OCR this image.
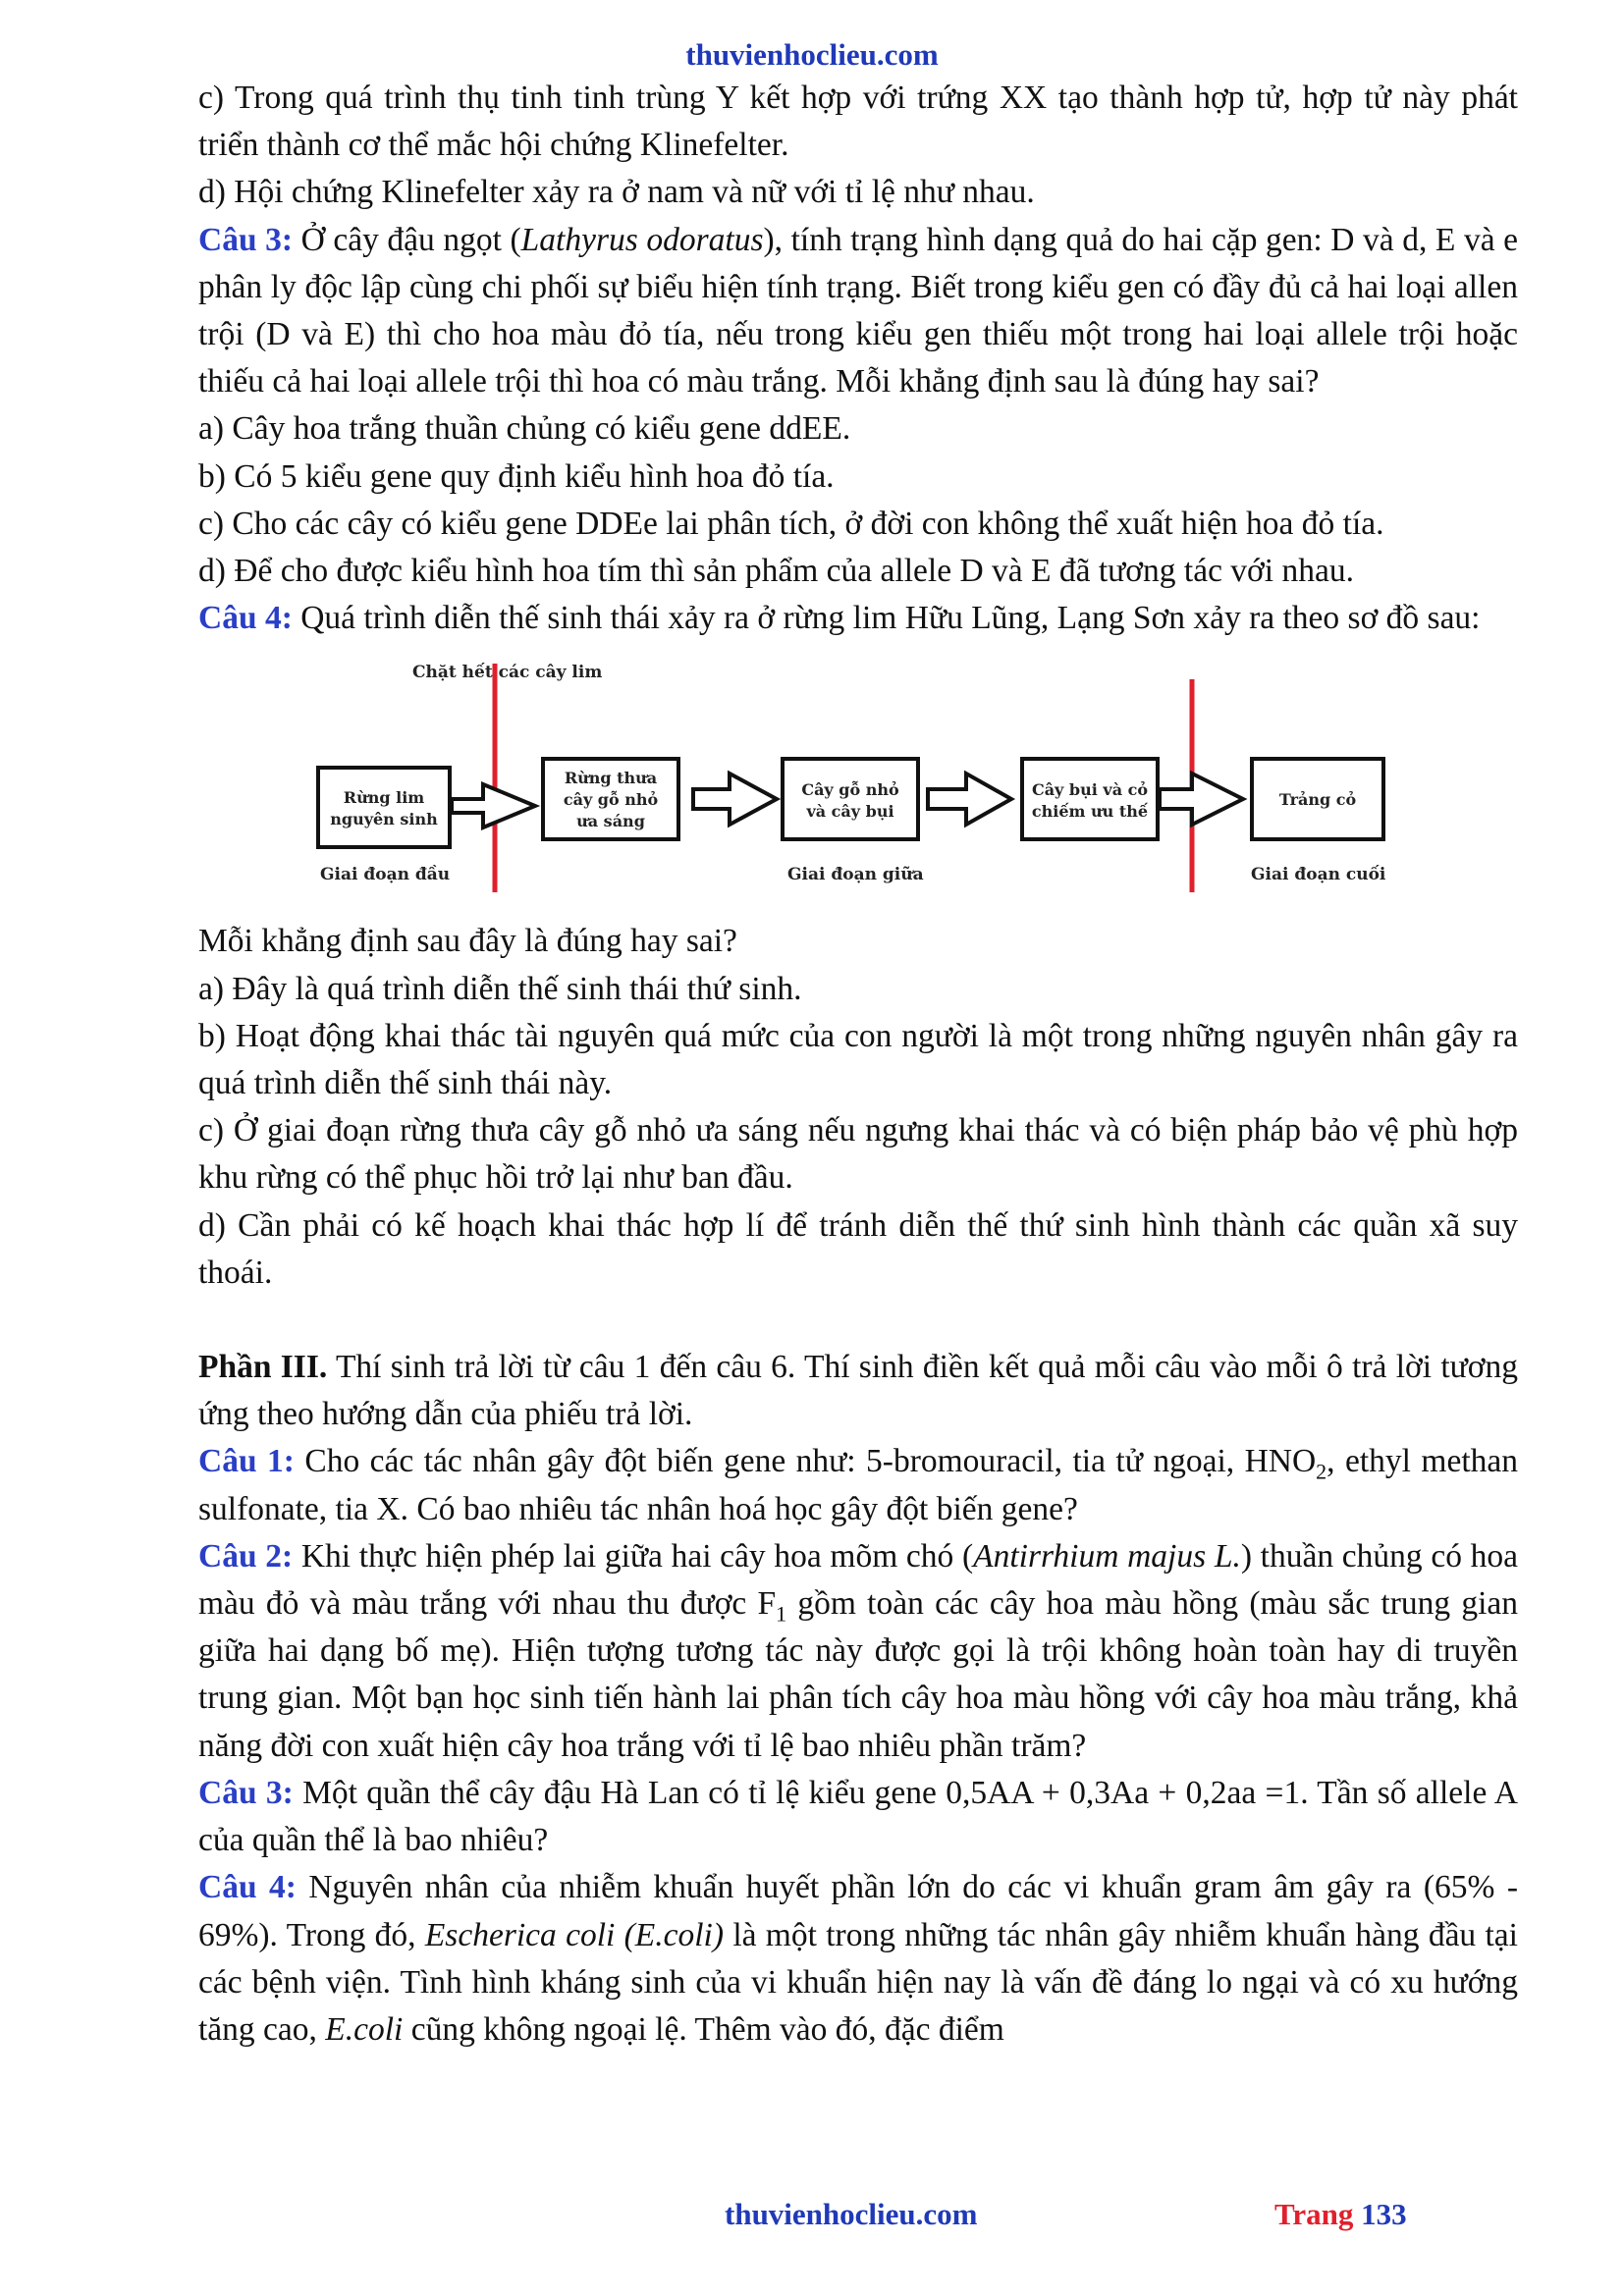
thuvienhoclieu.com

c) Trong quá trình thụ tinh tinh trùng Y kết hợp với trứng XX tạo thành hợp tử, hợp tử này phát triển thành cơ thể mắc hội chứng Klinefelter.

d) Hội chứng Klinefelter xảy ra ở nam và nữ với tỉ lệ như nhau.

Câu 3: Ở cây đậu ngọt (Lathyrus odoratus), tính trạng hình dạng quả do hai cặp gen: D và d, E và e phân ly độc lập cùng chi phối sự biểu hiện tính trạng. Biết trong kiểu gen có đầy đủ cả hai loại allen trội (D và E) thì cho hoa màu đỏ tía, nếu trong kiểu gen thiếu một trong hai loại allele trội hoặc thiếu cả hai loại allele trội thì hoa có màu trắng. Mỗi khẳng định sau là đúng hay sai?

a) Cây hoa trắng thuần chủng có kiểu gene ddEE.

b) Có 5 kiểu gene quy định kiểu hình hoa đỏ tía.

c) Cho các cây có kiểu gene DDEe lai phân tích, ở đời con không thể xuất hiện hoa đỏ tía.

d) Để cho được kiểu hình hoa tím thì sản phẩm của allele D và E đã tương tác với nhau.

Câu 4: Quá trình diễn thế sinh thái xảy ra ở rừng lim Hữu Lũng, Lạng Sơn xảy ra theo sơ đồ sau:

Chặt hết các cây lim
Rừng lim
nguyên sinh
Rừng thưa
cây gỗ nhỏ
ưa sáng
Cây gỗ nhỏ
và cây bụi
Cây bụi và cỏ
chiếm ưu thế
Trảng cỏ
Giai đoạn đầu	Giai đoạn giữa	Giai đoạn cuối

Mỗi khẳng định sau đây là đúng hay sai?

a) Đây là quá trình diễn thế sinh thái thứ sinh.

b) Hoạt động khai thác tài nguyên quá mức của con người là một trong những nguyên nhân gây ra quá trình diễn thế sinh thái này.

c) Ở giai đoạn rừng thưa cây gỗ nhỏ ưa sáng nếu ngưng khai thác và có biện pháp bảo vệ phù hợp khu rừng có thể phục hồi trở lại như ban đầu.

d) Cần phải có kế hoạch khai thác hợp lí để tránh diễn thế thứ sinh hình thành các quần xã suy thoái.

Phần III. Thí sinh trả lời từ câu 1 đến câu 6. Thí sinh điền kết quả mỗi câu vào mỗi ô trả lời tương ứng theo hướng dẫn của phiếu trả lời.

Câu 1: Cho các tác nhân gây đột biến gene như: 5-bromouracil, tia tử ngoại, $HNO_2$, ethyl methan sulfonate, tia X. Có bao nhiêu tác nhân hoá học gây đột biến gene?

Câu 2: Khi thực hiện phép lai giữa hai cây hoa mõm chó (Antirrhium majus L.) thuần chủng có hoa màu đỏ và màu trắng với nhau thu được $F_1$ gồm toàn các cây hoa màu hồng (màu sắc trung gian giữa hai dạng bố mẹ). Hiện tượng tương tác này được gọi là trội không hoàn toàn hay di truyền trung gian. Một bạn học sinh tiến hành lai phân tích cây hoa màu hồng với cây hoa màu trắng, khả năng đời con xuất hiện cây hoa trắng với tỉ lệ bao nhiêu phần trăm?

Câu 3: Một quần thể cây đậu Hà Lan có tỉ lệ kiểu gene 0,5AA + 0,3Aa + 0,2aa =1. Tần số allele A của quần thể là bao nhiêu?

Câu 4: Nguyên nhân của nhiễm khuẩn huyết phần lớn do các vi khuẩn gram âm gây ra (65% - 69%). Trong đó, Escherica coli (E.coli) là một trong những tác nhân gây nhiễm khuẩn hàng đầu tại các bệnh viện. Tình hình kháng sinh của vi khuẩn hiện nay là vấn đề đáng lo ngại và có xu hướng tăng cao, E.coli cũng không ngoại lệ. Thêm vào đó, đặc điểm

thuvienhoclieu.com	Trang 133
